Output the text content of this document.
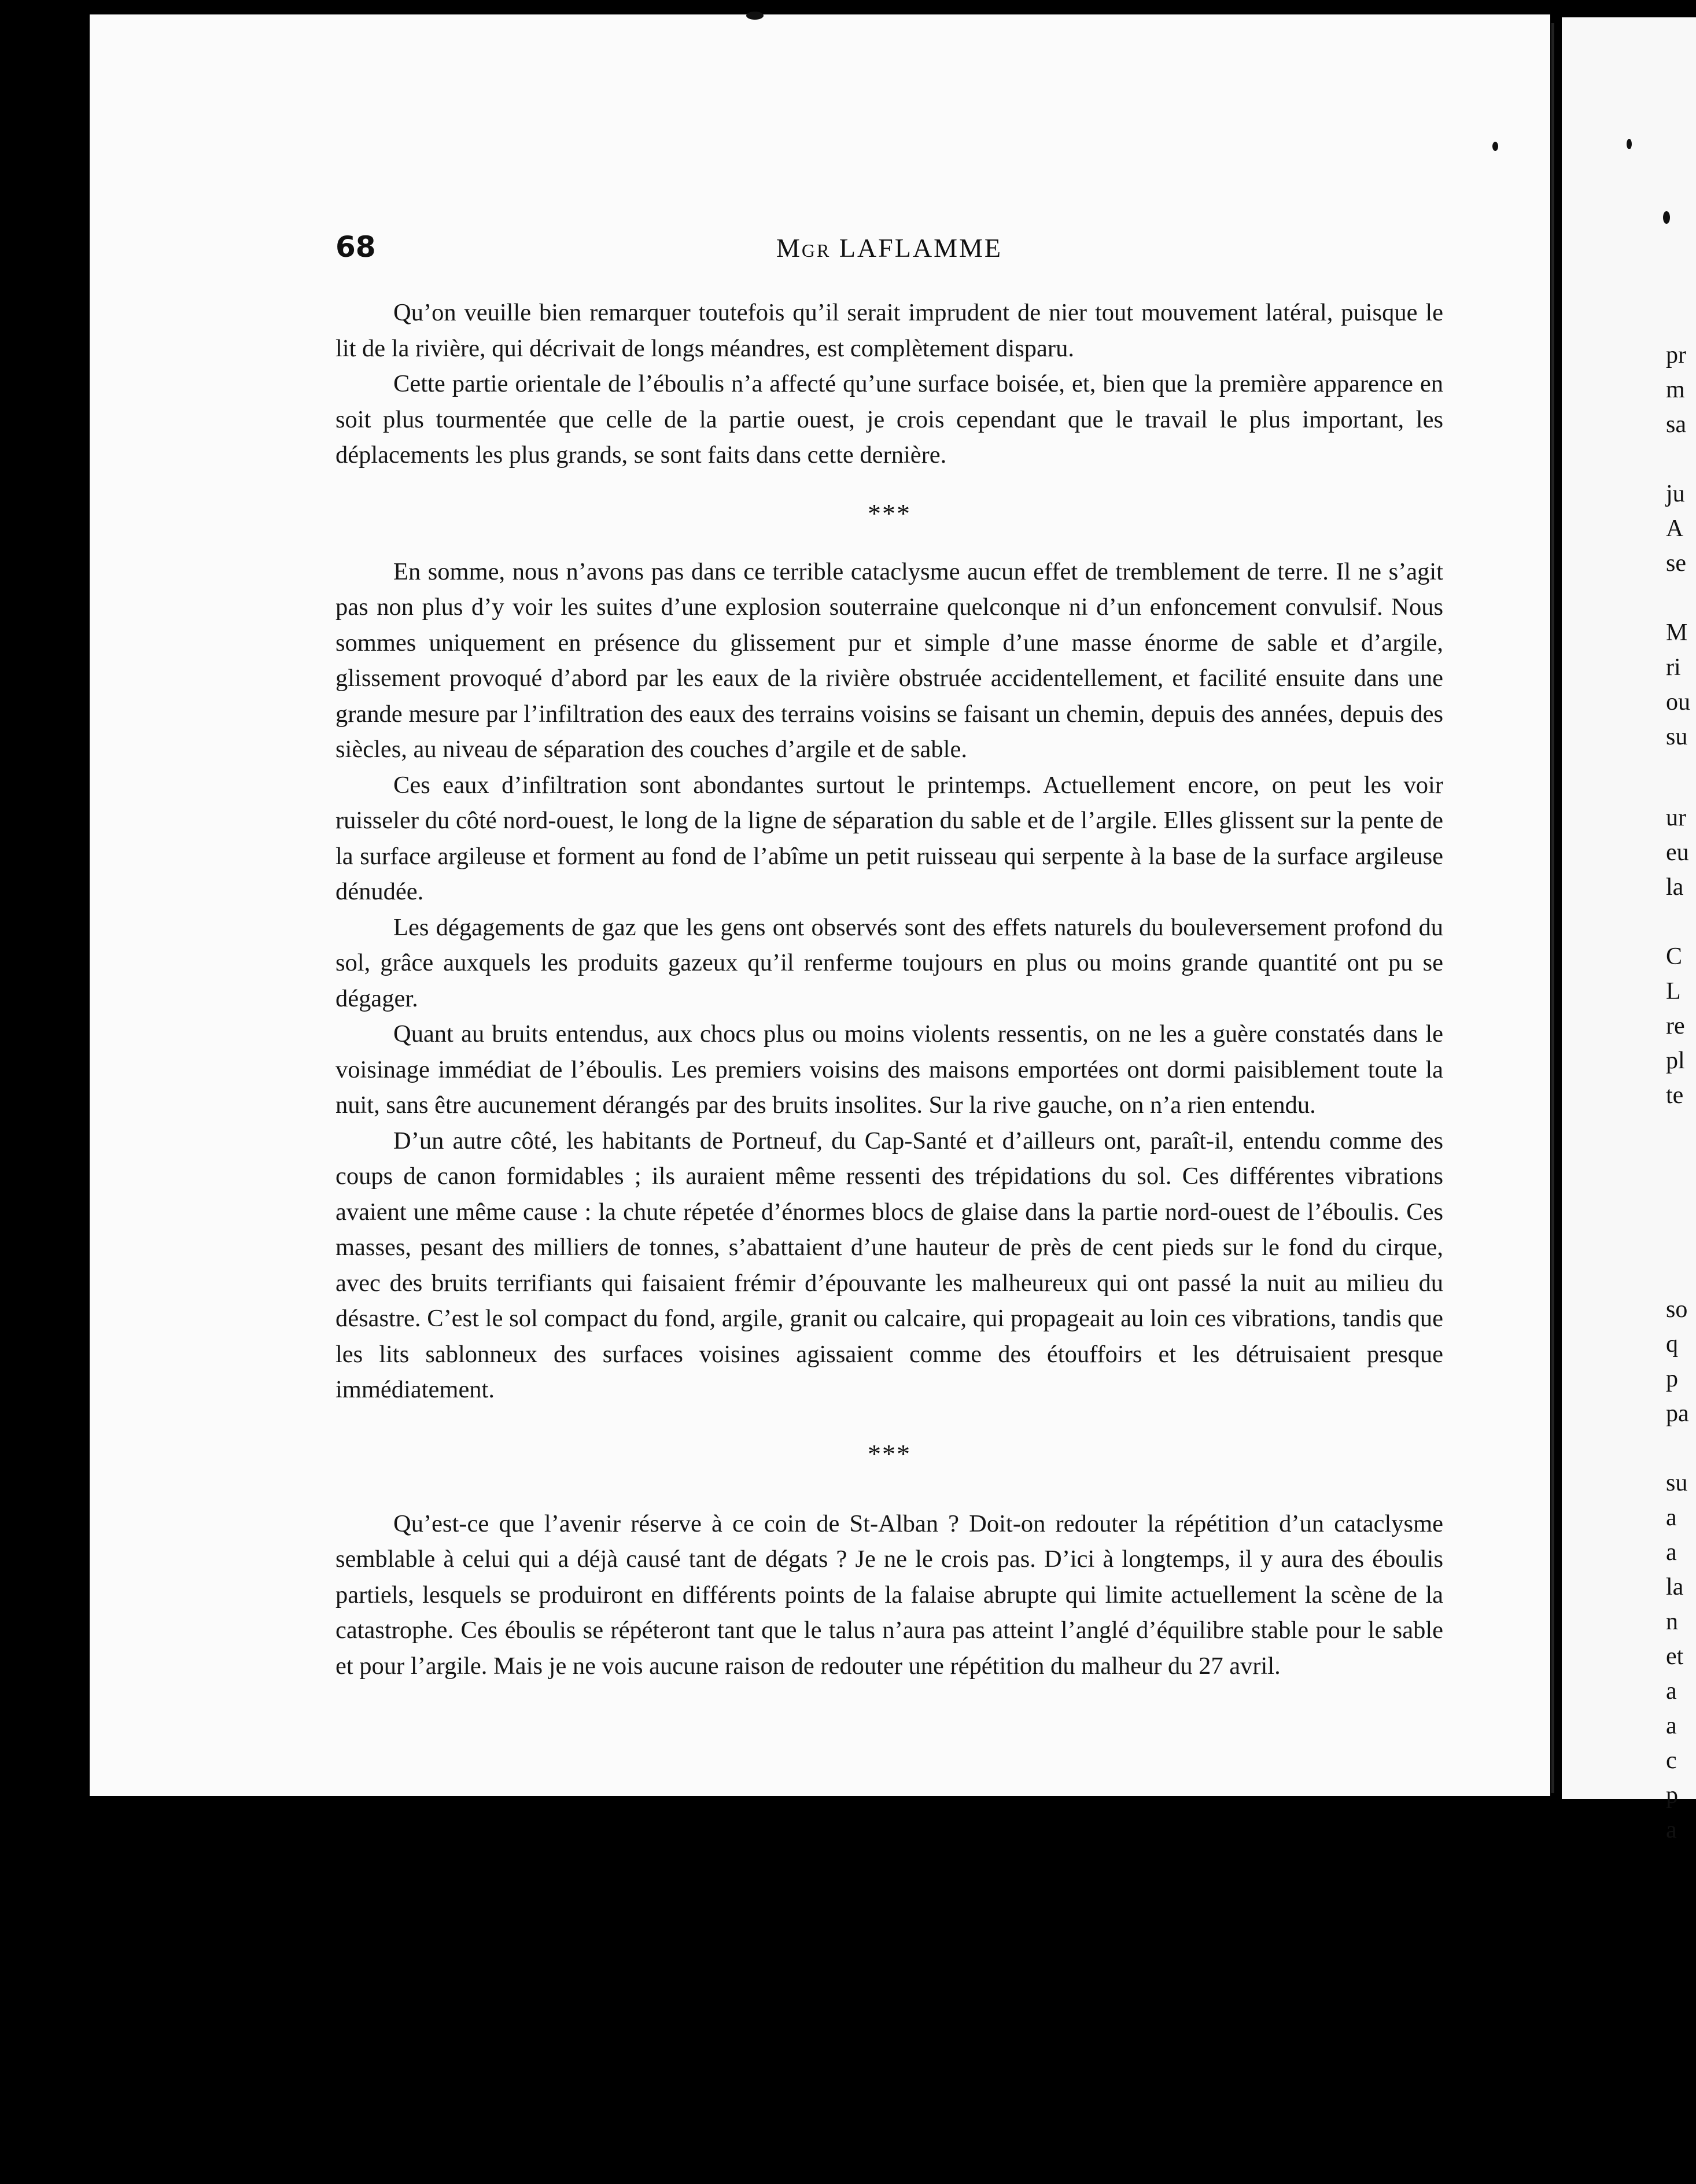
68	Mgr LAFLAMME

Qu’on veuille bien remarquer toutefois qu’il serait imprudent de nier tout mouvement latéral, puisque le lit de la rivière, qui décrivait de longs méandres, est complètement disparu.

Cette partie orientale de l’éboulis n’a affecté qu’une surface boisée, et, bien que la première apparence en soit plus tourmentée que celle de la partie ouest, je crois cependant que le travail le plus important, les déplacements les plus grands, se sont faits dans cette dernière.

***

En somme, nous n’avons pas dans ce terrible cataclysme aucun effet de tremblement de terre. Il ne s’agit pas non plus d’y voir les suites d’une explosion souterraine quelconque ni d’un enfoncement convulsif. Nous sommes uniquement en présence du glissement pur et simple d’une masse énorme de sable et d’argile, glissement provoqué d’abord par les eaux de la rivière obstruée accidentellement, et facilité ensuite dans une grande mesure par l’infiltration des eaux des terrains voisins se faisant un chemin, depuis des années, depuis des siècles, au niveau de séparation des couches d’argile et de sable.

Ces eaux d’infiltration sont abondantes surtout le printemps. Actuellement encore, on peut les voir ruisseler du côté nord-ouest, le long de la ligne de séparation du sable et de l’argile. Elles glissent sur la pente de la surface argileuse et forment au fond de l’abîme un petit ruisseau qui serpente à la base de la surface argileuse dénudée.

Les dégagements de gaz que les gens ont observés sont des effets naturels du bouleversement profond du sol, grâce auxquels les produits gazeux qu’il renferme toujours en plus ou moins grande quantité ont pu se dégager.

Quant au bruits entendus, aux chocs plus ou moins violents ressentis, on ne les a guère constatés dans le voisinage immédiat de l’éboulis. Les premiers voisins des maisons emportées ont dormi paisiblement toute la nuit, sans être aucunement dérangés par des bruits insolites. Sur la rive gauche, on n’a rien entendu.

D’un autre côté, les habitants de Portneuf, du Cap-Santé et d’ailleurs ont, paraît-il, entendu comme des coups de canon formidables ; ils auraient même ressenti des trépidations du sol. Ces différentes vibrations avaient une même cause : la chute répetée d’énormes blocs de glaise dans la partie nord-ouest de l’éboulis. Ces masses, pesant des milliers de tonnes, s’abattaient d’une hauteur de près de cent pieds sur le fond du cirque, avec des bruits terrifiants qui faisaient frémir d’épouvante les malheureux qui ont passé la nuit au milieu du désastre. C’est le sol compact du fond, argile, granit ou calcaire, qui propageait au loin ces vibrations, tandis que les lits sablonneux des surfaces voisines agissaient comme des étouffoirs et les détruisaient presque immédiatement.

***

Qu’est-ce que l’avenir réserve à ce coin de St-Alban ? Doit-on redouter la répétition d’un cataclysme semblable à celui qui a déjà causé tant de dégats ? Je ne le crois pas. D’ici à longtemps, il y aura des éboulis partiels, lesquels se produiront en différents points de la falaise abrupte qui limite actuellement la scène de la catastrophe. Ces éboulis se répéteront tant que le talus n’aura pas atteint l’anglé d’équilibre stable pour le sable et pour l’argile. Mais je ne vois aucune raison de redouter une répétition du malheur du 27 avril.

pr
m
sa
ju
A
se
M
ri
ou
su
ur
eu
la
C
L
re
pl
te
so
q
p
pa
su
a
a
la
n
et
a
a
c
p
a
